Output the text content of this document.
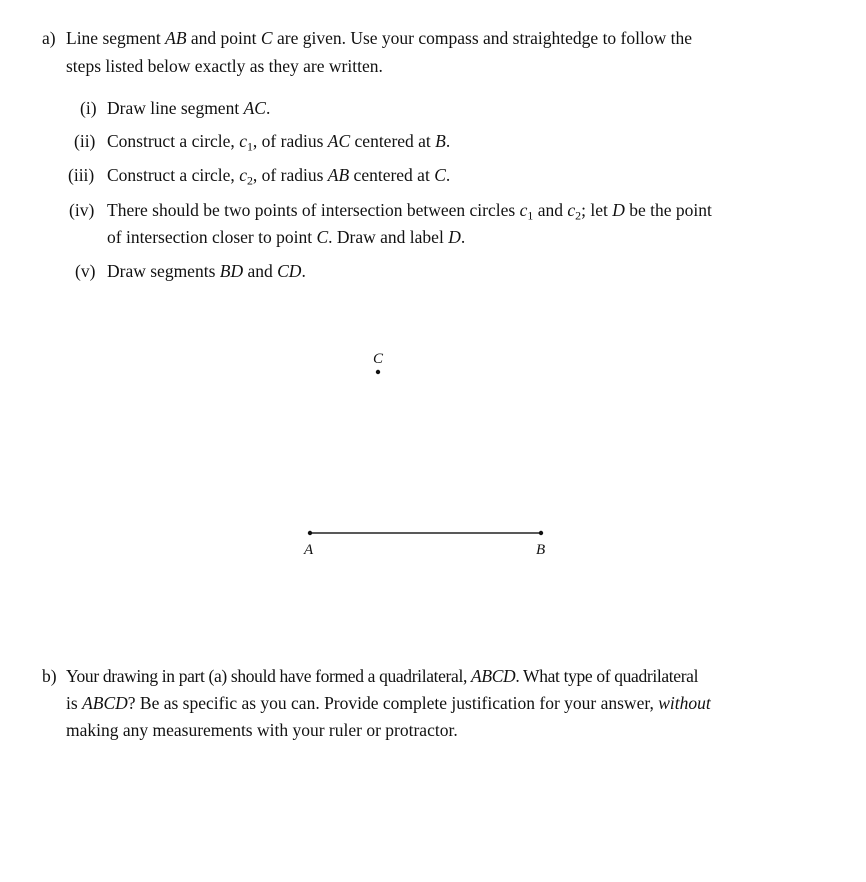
a) Line segment AB and point C are given. Use your compass and straightedge to follow the
steps listed below exactly as they are written.
(i) Draw line segment AC.
(ii) Construct a circle, $c_1$, of radius AC centered at B.
(iii) Construct a circle, $c_2$, of radius AB centered at C.
(iv) There should be two points of intersection between circles $c_1$ and $c_2$; let D be the point
of intersection closer to point C. Draw and label D.
(v) Draw segments BD and CD.
C
A	B
b) Your drawing in part (a) should have formed a quadrilateral, ABCD. What type of quadrilateral
is ABCD? Be as specific as you can. Provide complete justification for your answer, without
making any measurements with your ruler or protractor.
